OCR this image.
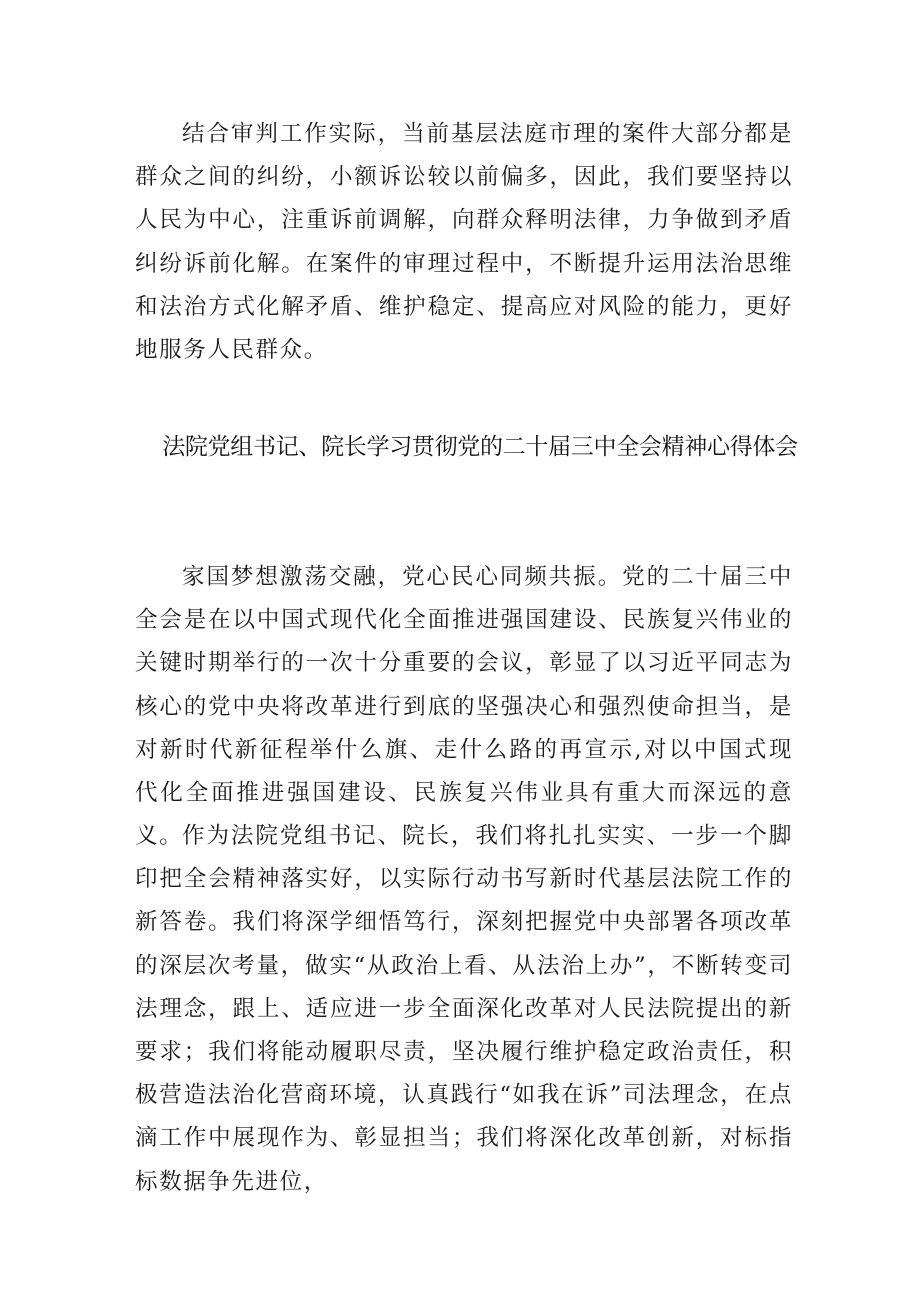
结合审判工作实际，当前基层法庭市理的案件大部分都是群众之间的纠纷，小额诉讼较以前偏多，因此，我们要坚持以人民为中心，注重诉前调解，向群众释明法律，力争做到矛盾纠纷诉前化解。在案件的审理过程中，不断提升运用法治思维和法治方式化解矛盾、维护稳定、提高应对风险的能力，更好地服务人民群众。

法院党组书记、院长学习贯彻党的二十届三中全会精神心得体会

家国梦想激荡交融，党心民心同频共振。党的二十届三中全会是在以中国式现代化全面推进强国建设、民族复兴伟业的关键时期举行的一次十分重要的会议，彰显了以习近平同志为核心的党中央将改革进行到底的坚强决心和强烈使命担当，是对新时代新征程举什么旗、走什么路的再宣示,对以中国式现代化全面推进强国建设、民族复兴伟业具有重大而深远的意义。

作为法院党组书记、院长，我们将扎扎实实、一步一个脚印把全会精神落实好，以实际行动书写新时代基层法院工作的新答卷。我们将深学细悟笃行，深刻把握党中央部署各项改革的深层次考量，做实“从政治上看、从法治上办”，不断转变司法理念，跟上、适应进一步全面深化改革对人民法院提出的新要求；我们将能动履职尽责，坚决履行维护稳定政治责任，积极营造法治化营商环境，认真践行“如我在诉”司法理念，在点滴工作中展现作为、彰显担当；我们将深化改革创新，对标指标数据争先进位，
